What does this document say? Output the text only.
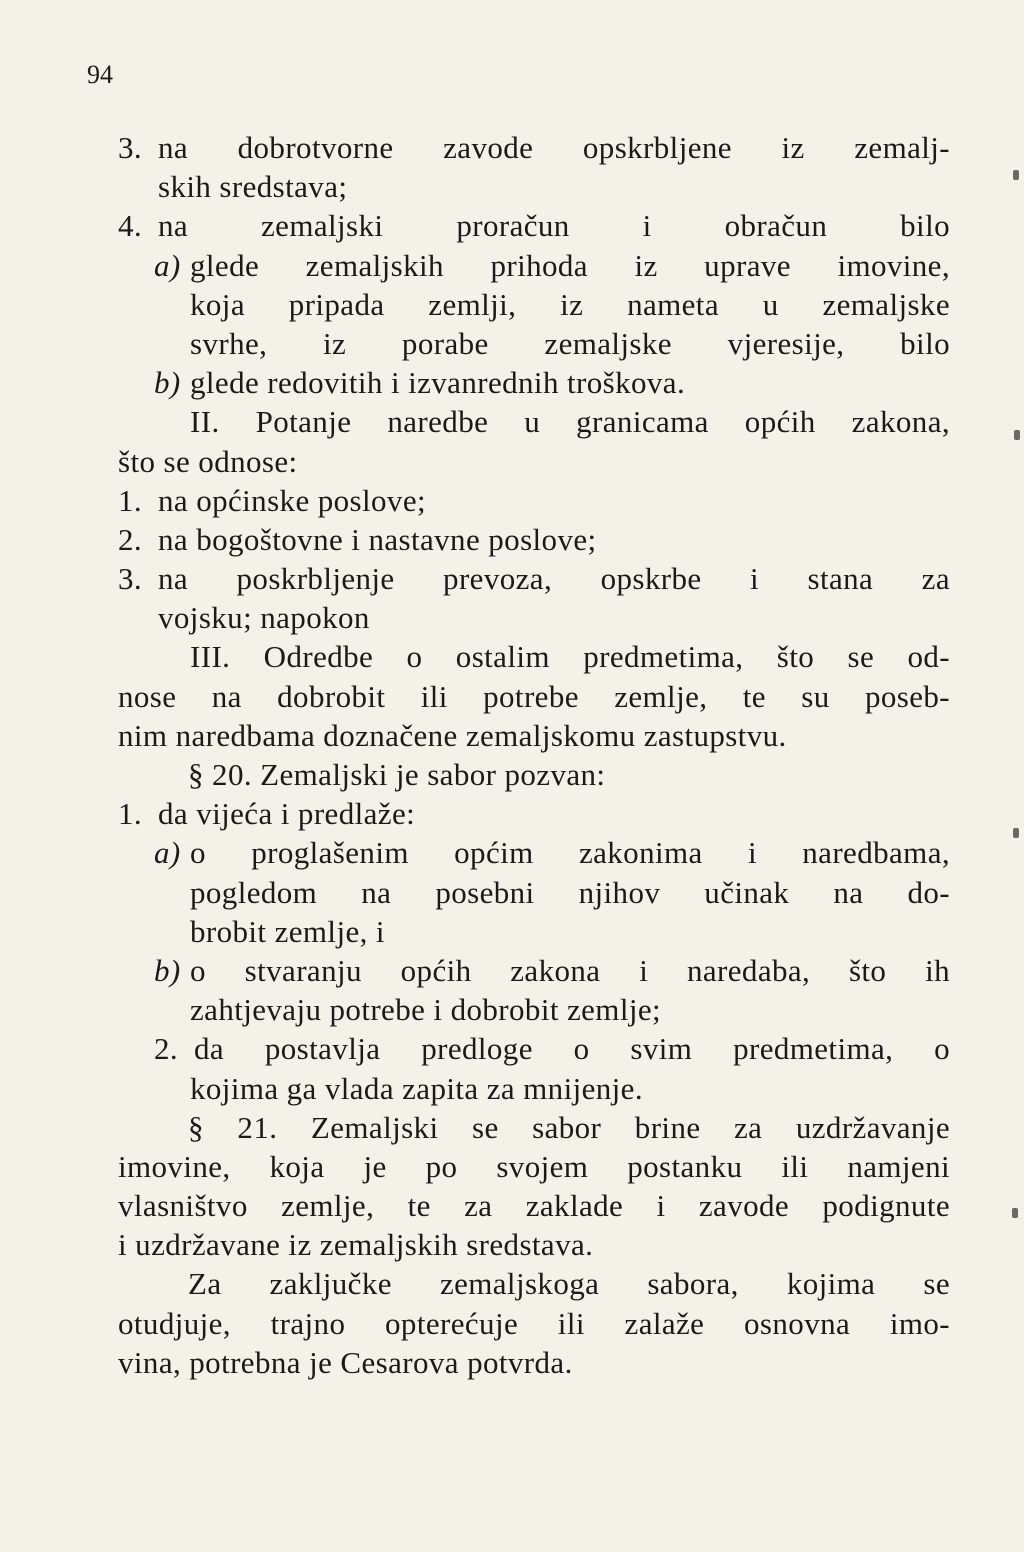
94
3. na dobrotvorne zavode opskrbljene iz zemalj-
skih sredstava;
4. na zemaljski proračun i obračun bilo
a) glede zemaljskih prihoda iz uprave imovine,
koja pripada zemlji, iz nameta u zemaljske
svrhe, iz porabe zemaljske vjeresije, bilo
b) glede redovitih i izvanrednih troškova.
II. Potanje naredbe u granicama općih zakona,
što se odnose:
1. na općinske poslove;
2. na bogoštovne i nastavne poslove;
3. na poskrbljenje prevoza, opskrbe i stana za
vojsku; napokon
III. Odredbe o ostalim predmetima, što se od-
nose na dobrobit ili potrebe zemlje, te su poseb-
nim naredbama doznačene zemaljskomu zastupstvu.
§ 20. Zemaljski je sabor pozvan:
1. da vijeća i predlaže:
a) o proglašenim općim zakonima i naredbama,
pogledom na posebni njihov učinak na do-
brobit zemlje, i
b) o stvaranju općih zakona i naredaba, što ih
zahtjevaju potrebe i dobrobit zemlje;
2. da postavlja predloge o svim predmetima, o
kojima ga vlada zapita za mnijenje.
§ 21. Zemaljski se sabor brine za uzdržavanje
imovine, koja je po svojem postanku ili namjeni
vlasništvo zemlje, te za zaklade i zavode podignute
i uzdržavane iz zemaljskih sredstava.
Za zaključke zemaljskoga sabora, kojima se
otudjuje, trajno opterećuje ili zalaže osnovna imo-
vina, potrebna je Cesarova potvrda.
